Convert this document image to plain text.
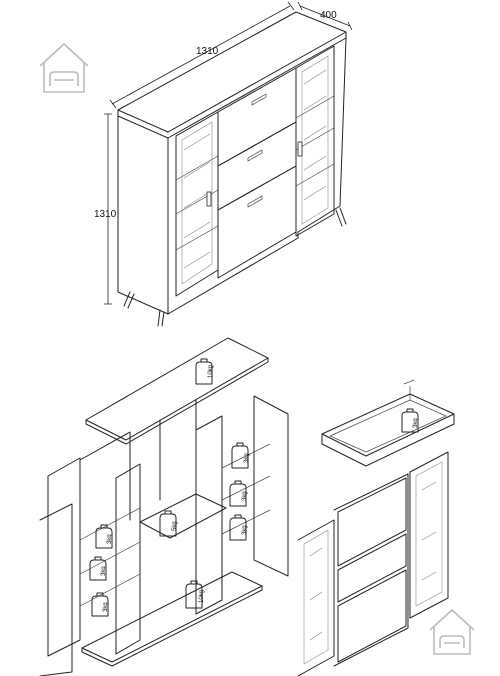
1310
400
1310
10kg
3kg
3kg
3kg
5kg
3kg
3kg
3kg
10kg
3kg
